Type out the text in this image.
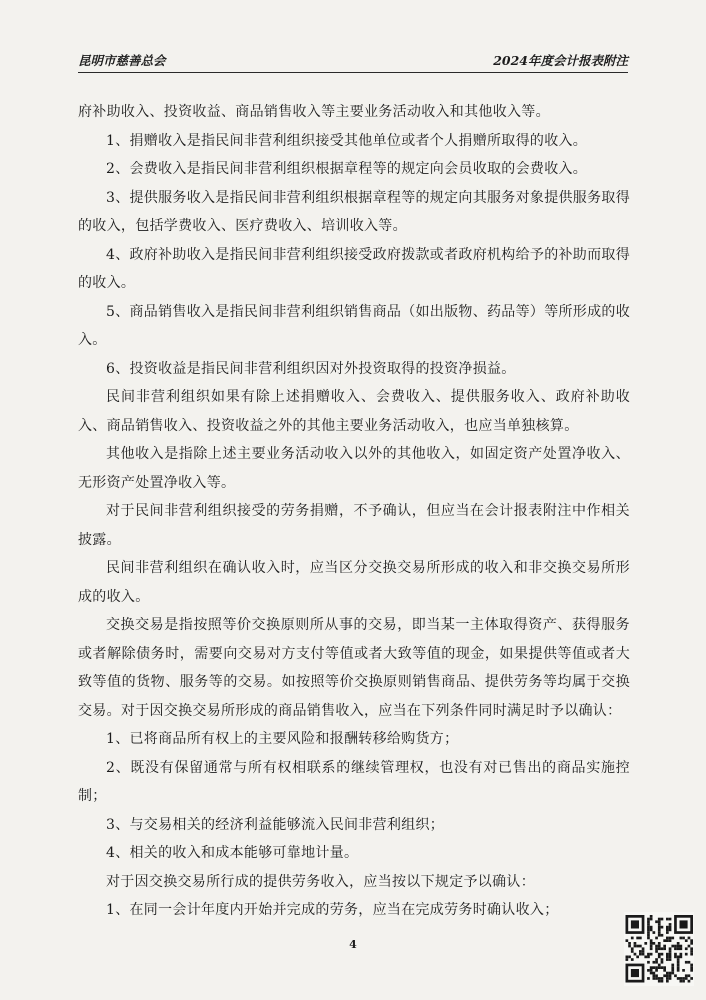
昆明市慈善总会	2024年度会计报表附注

府补助收入、投资收益、商品销售收入等主要业务活动收入和其他收入等。

1、捐赠收入是指民间非营利组织接受其他单位或者个人捐赠所取得的收入。

2、会费收入是指民间非营利组织根据章程等的规定向会员收取的会费收入。

3、提供服务收入是指民间非营利组织根据章程等的规定向其服务对象提供服务取得的收入，包括学费收入、医疗费收入、培训收入等。

4、政府补助收入是指民间非营利组织接受政府拨款或者政府机构给予的补助而取得的收入。

5、商品销售收入是指民间非营利组织销售商品（如出版物、药品等）等所形成的收入。

6、投资收益是指民间非营利组织因对外投资取得的投资净损益。

民间非营利组织如果有除上述捐赠收入、会费收入、提供服务收入、政府补助收入、商品销售收入、投资收益之外的其他主要业务活动收入，也应当单独核算。

其他收入是指除上述主要业务活动收入以外的其他收入，如固定资产处置净收入、无形资产处置净收入等。

对于民间非营利组织接受的劳务捐赠，不予确认，但应当在会计报表附注中作相关披露。

民间非营利组织在确认收入时，应当区分交换交易所形成的收入和非交换交易所形成的收入。

交换交易是指按照等价交换原则所从事的交易，即当某一主体取得资产、获得服务或者解除债务时，需要向交易对方支付等值或者大致等值的现金，如果提供等值或者大致等值的货物、服务等的交易。如按照等价交换原则销售商品、提供劳务等均属于交换交易。对于因交换交易所形成的商品销售收入，应当在下列条件同时满足时予以确认：

1、已将商品所有权上的主要风险和报酬转移给购货方；

2、既没有保留通常与所有权相联系的继续管理权，也没有对已售出的商品实施控制；

3、与交易相关的经济利益能够流入民间非营利组织；

4、相关的收入和成本能够可靠地计量。

对于因交换交易所行成的提供劳务收入，应当按以下规定予以确认：

1、在同一会计年度内开始并完成的劳务，应当在完成劳务时确认收入；

4
